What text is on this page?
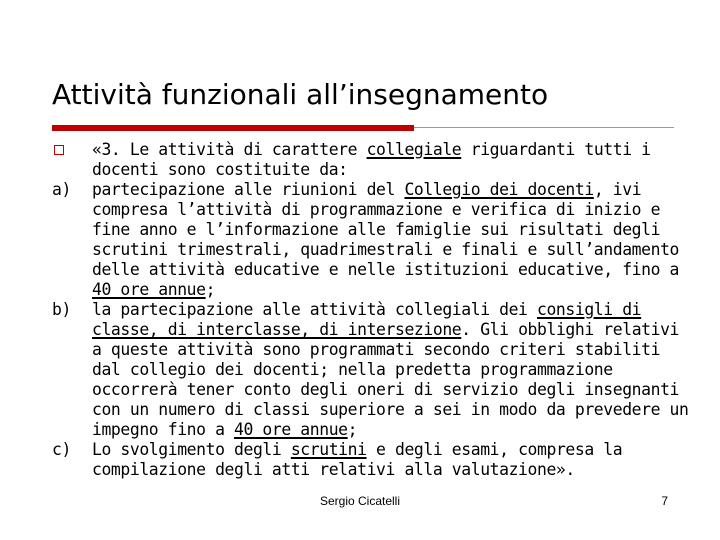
Attività funzionali all’insegnamento

«3. Le attività di carattere collegiale riguardanti tutti i docenti sono costituite da:

a)	partecipazione alle riunioni del Collegio dei docenti, ivi compresa l’attività di programmazione e verifica di inizio e fine anno e l’informazione alle famiglie sui risultati degli scrutini trimestrali, quadrimestrali e finali e sull’andamento delle attività educative e nelle istituzioni educative, fino a 40 ore annue;

b)	la partecipazione alle attività collegiali dei consigli di classe, di interclasse, di intersezione. Gli obblighi relativi a queste attività sono programmati secondo criteri stabiliti dal collegio dei docenti; nella predetta programmazione occorrerà tener conto degli oneri di servizio degli insegnanti con un numero di classi superiore a sei in modo da prevedere un impegno fino a 40 ore annue;

c)	Lo svolgimento degli scrutini e degli esami, compresa la compilazione degli atti relativi alla valutazione».

Sergio Cicatelli	7
